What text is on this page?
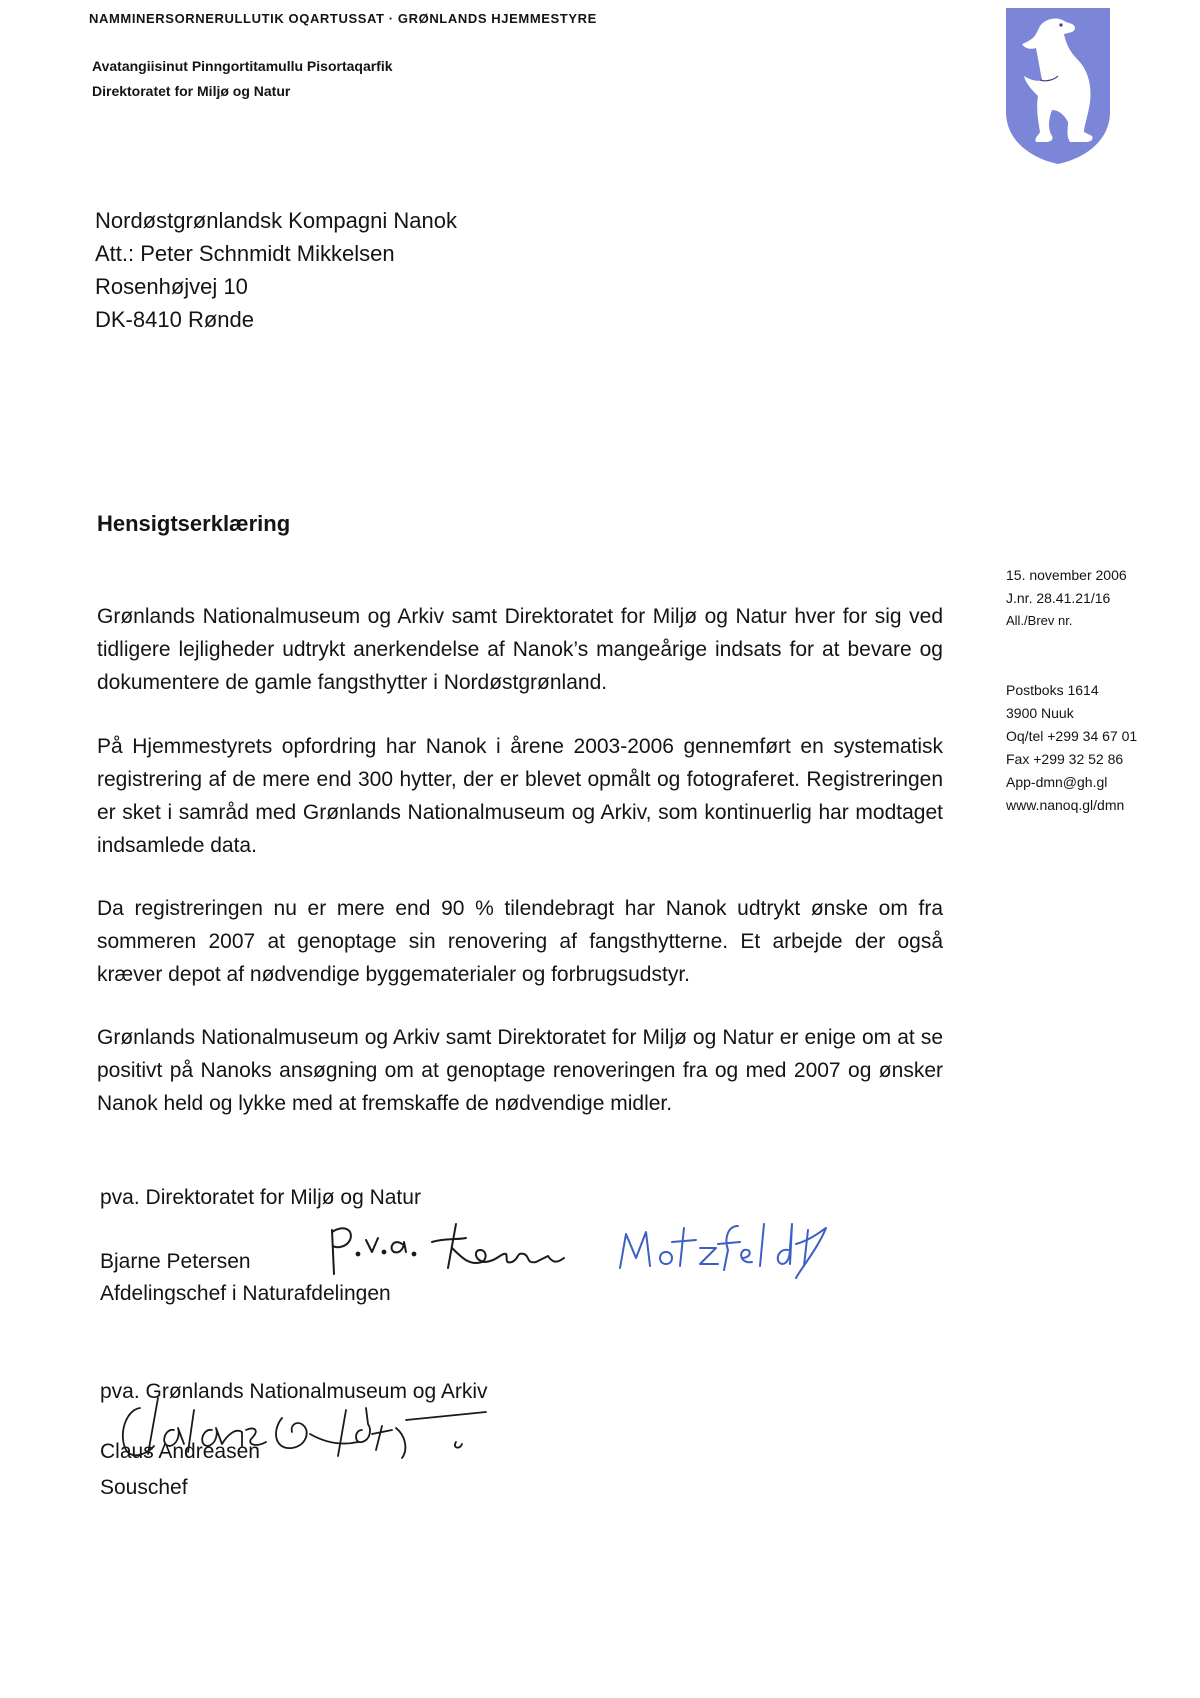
NAMMINERSORNERULLUTIK OQARTUSSAT · GRØNLANDS HJEMMESTYRE
Avatangiisinut Pinngortitamullu Pisortaqarfik
Direktoratet for Miljø og Natur
Nordøstgrønlandsk Kompagni Nanok
Att.: Peter Schnmidt Mikkelsen
Rosenhøjvej 10
DK-8410 Rønde
Hensigtserklæring
15. november 2006
J.nr. 28.41.21/16
All./Brev nr.
Postboks 1614
3900 Nuuk
Oq/tel +299 34 67 01
Fax +299 32 52 86
App-dmn@gh.gl
www.nanoq.gl/dmn

Grønlands Nationalmuseum og Arkiv samt Direktoratet for Miljø og Natur hver for sig ved tidligere lejligheder udtrykt anerkendelse af Nanok’s mangeårige indsats for at bevare og dokumentere de gamle fangsthytter i Nordøstgrønland.

På Hjemmestyrets opfordring har Nanok i årene 2003-2006 gennemført en systematisk registrering af de mere end 300 hytter, der er blevet opmålt og fotograferet. Registreringen er sket i samråd med Grønlands Nationalmuseum og Arkiv, som kontinuerlig har modtaget indsamlede data.

Da registreringen nu er mere end 90 % tilendebragt har Nanok udtrykt ønske om fra sommeren 2007 at genoptage sin renovering af fangsthytterne. Et arbejde der også kræver depot af nødvendige byggematerialer og forbrugsudstyr.

Grønlands Nationalmuseum og Arkiv samt Direktoratet for Miljø og Natur er enige om at se positivt på Nanoks ansøgning om at genoptage renoveringen fra og med 2007 og ønsker Nanok held og lykke med at fremskaffe de nødvendige midler.

pva. Direktoratet for Miljø og Natur
Bjarne Petersen
Afdelingschef i Naturafdelingen
pva. Grønlands Nationalmuseum og Arkiv
Claus Andreasen
Souschef
